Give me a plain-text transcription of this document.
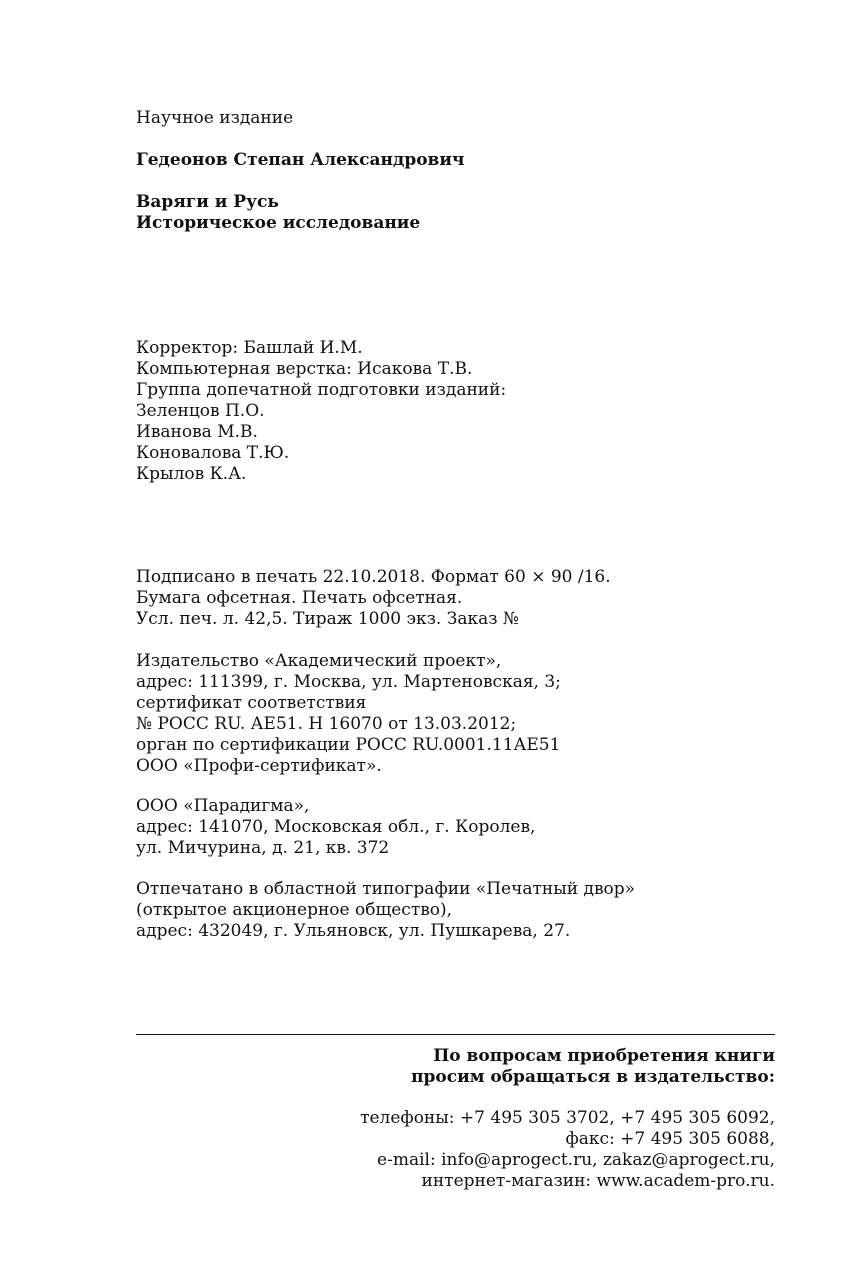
Научное издание
Гедеонов Степан Александрович
Варяги и Русь
Историческое исследование
Корректор: Башлай И.М.
Компьютерная верстка: Исакова Т.В.
Группа допечатной подготовки изданий:
Зеленцов П.О.
Иванова М.В.
Коновалова Т.Ю.
Крылов К.А.
Подписано в печать 22.10.2018. Формат 60 × 90 /16.
Бумага офсетная. Печать офсетная.
Усл. печ. л. 42,5. Тираж 1000 экз. Заказ №
Издательство «Академический проект»,
адрес: 111399, г. Москва, ул. Мартеновская, 3;
сертификат соответствия
№ РОСС RU. АЕ51. Н 16070 от 13.03.2012;
орган по сертификации РОСС RU.0001.11АЕ51
ООО «Профи-сертификат».
ООО «Парадигма»,
адрес: 141070, Московская обл., г. Королев,
ул. Мичурина, д. 21, кв. 372
Отпечатано в областной типографии «Печатный двор»
(открытое акционерное общество),
адрес: 432049, г. Ульяновск, ул. Пушкарева, 27.
По вопросам приобретения книги
просим обращаться в издательство:
телефоны: +7 495 305 3702, +7 495 305 6092,
факс: +7 495 305 6088,
e-mail: info@aprogect.ru, zakaz@aprogect.ru,
интернет-магазин: www.academ-pro.ru.
